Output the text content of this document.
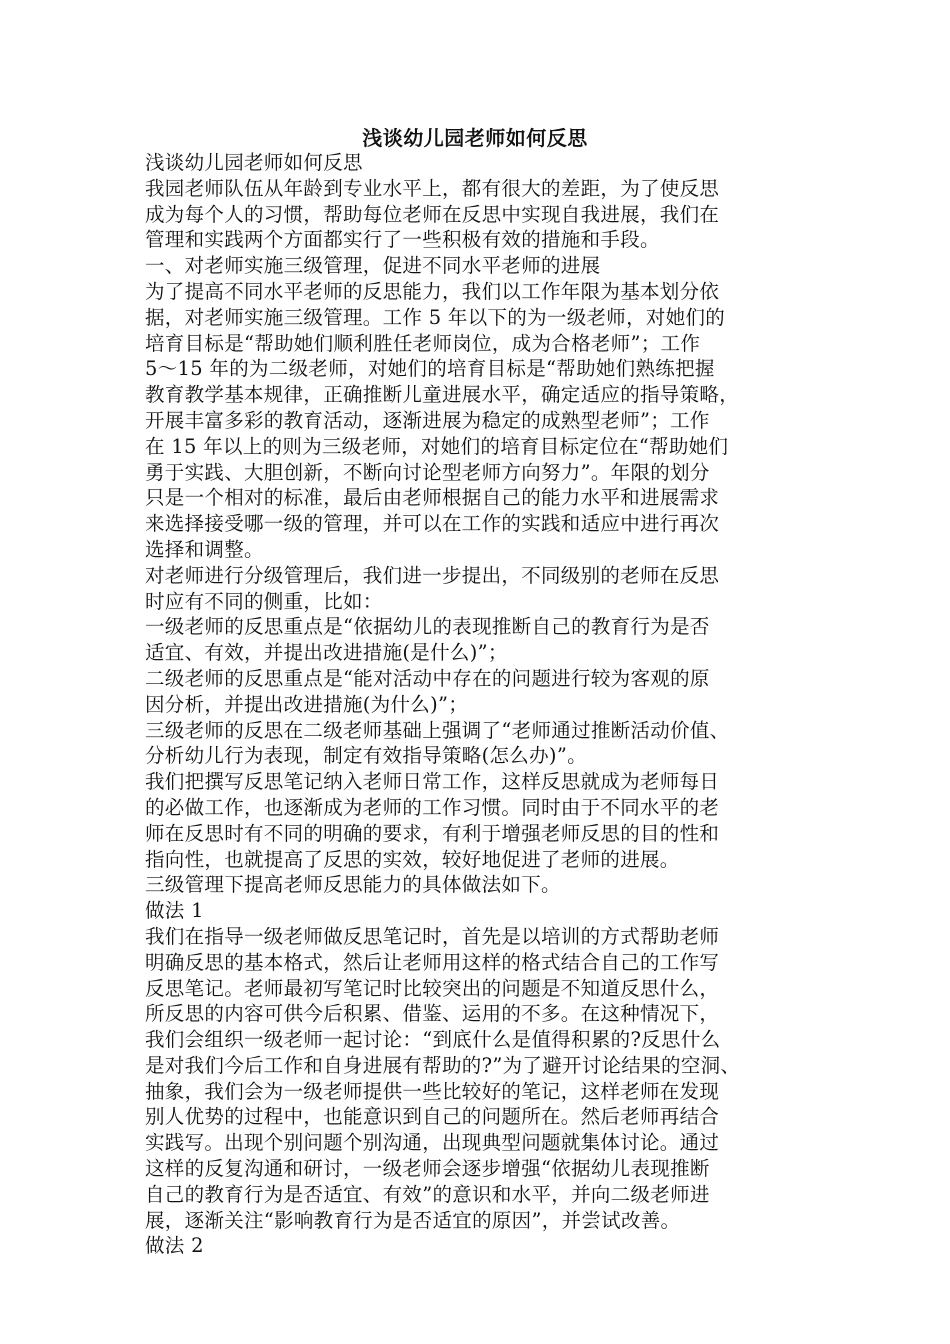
浅谈幼儿园老师如何反思
浅谈幼儿园老师如何反思
我园老师队伍从年龄到专业水平上，都有很大的差距，为了使反思
成为每个人的习惯，帮助每位老师在反思中实现自我进展，我们在
管理和实践两个方面都实行了一些积极有效的措施和手段。
一、对老师实施三级管理，促进不同水平老师的进展
为了提高不同水平老师的反思能力，我们以工作年限为基本划分依
据，对老师实施三级管理。工作 5 年以下的为一级老师，对她们的
培育目标是“帮助她们顺利胜任老师岗位，成为合格老师”；工作
5～15 年的为二级老师，对她们的培育目标是“帮助她们熟练把握
教育教学基本规律，正确推断儿童进展水平，确定适应的指导策略，
开展丰富多彩的教育活动，逐渐进展为稳定的成熟型老师”；工作
在 15 年以上的则为三级老师，对她们的培育目标定位在“帮助她们
勇于实践、大胆创新，不断向讨论型老师方向努力”。年限的划分
只是一个相对的标准，最后由老师根据自己的能力水平和进展需求
来选择接受哪一级的管理，并可以在工作的实践和适应中进行再次
选择和调整。
对老师进行分级管理后，我们进一步提出，不同级别的老师在反思
时应有不同的侧重，比如：
一级老师的反思重点是“依据幼儿的表现推断自己的教育行为是否
适宜、有效，并提出改进措施(是什么)”；
二级老师的反思重点是“能对活动中存在的问题进行较为客观的原
因分析，并提出改进措施(为什么)”；
三级老师的反思在二级老师基础上强调了“老师通过推断活动价值、
分析幼儿行为表现，制定有效指导策略(怎么办)”。
我们把撰写反思笔记纳入老师日常工作，这样反思就成为老师每日
的必做工作，也逐渐成为老师的工作习惯。同时由于不同水平的老
师在反思时有不同的明确的要求，有利于增强老师反思的目的性和
指向性，也就提高了反思的实效，较好地促进了老师的进展。
三级管理下提高老师反思能力的具体做法如下。
做法 1
我们在指导一级老师做反思笔记时，首先是以培训的方式帮助老师
明确反思的基本格式，然后让老师用这样的格式结合自己的工作写
反思笔记。老师最初写笔记时比较突出的问题是不知道反思什么，
所反思的内容可供今后积累、借鉴、运用的不多。在这种情况下，
我们会组织一级老师一起讨论：“到底什么是值得积累的?反思什么
是对我们今后工作和自身进展有帮助的?”为了避开讨论结果的空洞、
抽象，我们会为一级老师提供一些比较好的笔记，这样老师在发现
别人优势的过程中，也能意识到自己的问题所在。然后老师再结合
实践写。出现个别问题个别沟通，出现典型问题就集体讨论。通过
这样的反复沟通和研讨，一级老师会逐步增强“依据幼儿表现推断
自己的教育行为是否适宜、有效”的意识和水平，并向二级老师进
展，逐渐关注“影响教育行为是否适宜的原因”，并尝试改善。
做法 2
